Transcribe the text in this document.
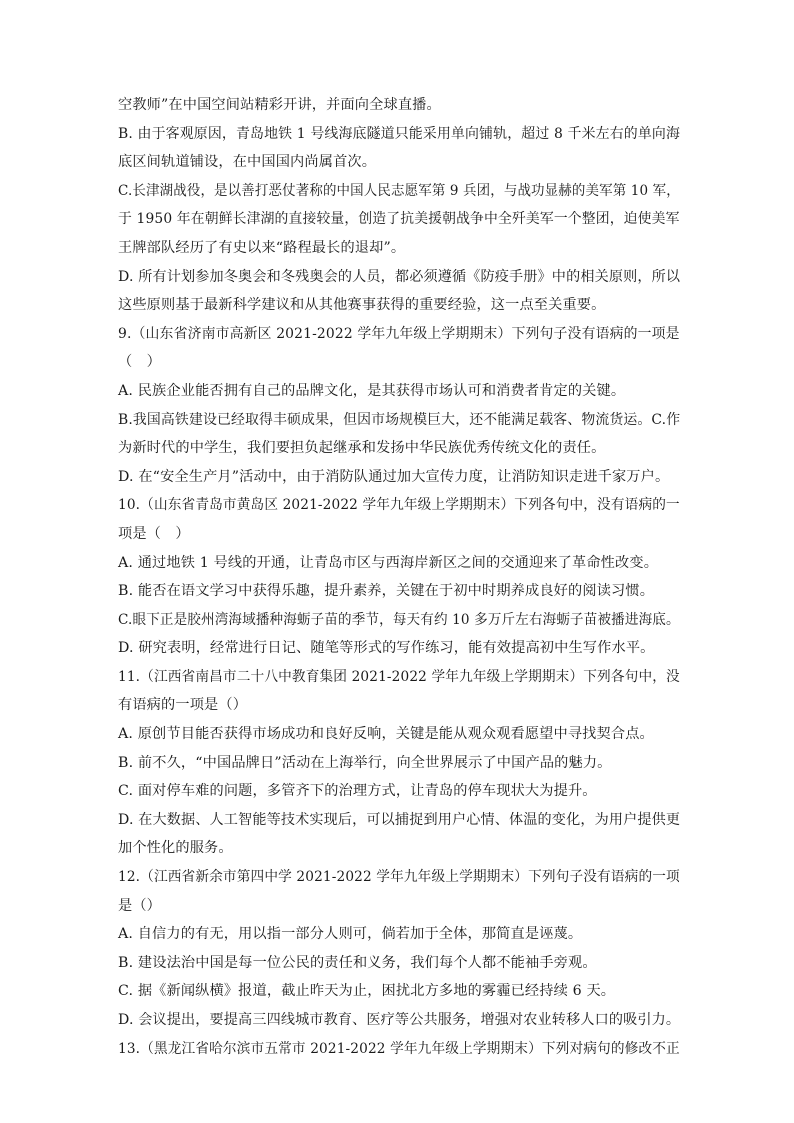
空教师”在中国空间站精彩开讲，并面向全球直播。
B. 由于客观原因，青岛地铁 1 号线海底隧道只能采用单向铺轨，超过 8 千米左右的单向海
底区间轨道铺设，在中国国内尚属首次。
C.长津湖战役，是以善打恶仗著称的中国人民志愿军第 9 兵团，与战功显赫的美军第 10 军，
于 1950 年在朝鲜长津湖的直接较量，创造了抗美援朝战争中全歼美军一个整团，迫使美军
王牌部队经历了有史以来“路程最长的退却”。
D. 所有计划参加冬奥会和冬残奥会的人员，都必须遵循《防疫手册》中的相关原则，所以
这些原则基于最新科学建议和从其他赛事获得的重要经验，这一点至关重要。
9.（山东省济南市高新区 2021-2022 学年九年级上学期期末）下列句子没有语病的一项是
（　）
A. 民族企业能否拥有自己的品牌文化，是其获得市场认可和消费者肯定的关键。
B.我国高铁建设已经取得丰硕成果，但因市场规模巨大，还不能满足载客、物流货运。C.作
为新时代的中学生，我们要担负起继承和发扬中华民族优秀传统文化的责任。
D. 在“安全生产月”活动中，由于消防队通过加大宣传力度，让消防知识走进千家万户。
10.（山东省青岛市黄岛区 2021-2022 学年九年级上学期期末）下列各句中，没有语病的一
项是（　）
A. 通过地铁 1 号线的开通，让青岛市区与西海岸新区之间的交通迎来了革命性改变。
B. 能否在语文学习中获得乐趣，提升素养，关键在于初中时期养成良好的阅读习惯。
C.眼下正是胶州湾海域播种海蛎子苗的季节，每天有约 10 多万斤左右海蛎子苗被播进海底。
D. 研究表明，经常进行日记、随笔等形式的写作练习，能有效提高初中生写作水平。
11.（江西省南昌市二十八中教育集团 2021-2022 学年九年级上学期期末）下列各句中，没
有语病的一项是（）
A. 原创节目能否获得市场成功和良好反响，关键是能从观众观看愿望中寻找契合点。
B. 前不久，“中国品牌日”活动在上海举行，向全世界展示了中国产品的魅力。
C. 面对停车难的问题，多管齐下的治理方式，让青岛的停车现状大为提升。
D. 在大数据、人工智能等技术实现后，可以捕捉到用户心情、体温的变化，为用户提供更
加个性化的服务。
12.（江西省新余市第四中学 2021-2022 学年九年级上学期期末）下列句子没有语病的一项
是（）
A. 自信力的有无，用以指一部分人则可，倘若加于全体，那简直是诬蔑。
B. 建设法治中国是每一位公民的责任和义务，我们每个人都不能袖手旁观。
C. 据《新闻纵横》报道，截止昨天为止，困扰北方多地的雾霾已经持续 6 天。
D. 会议提出，要提高三四线城市教育、医疗等公共服务，增强对农业转移人口的吸引力。
13.（黑龙江省哈尔滨市五常市 2021-2022 学年九年级上学期期末）下列对病句的修改不正
